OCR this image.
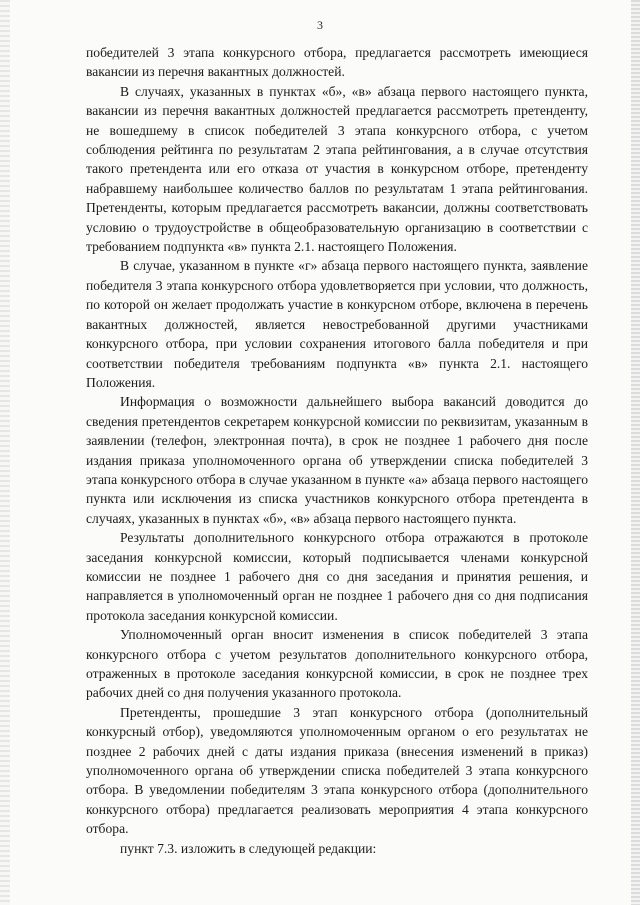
3

победителей 3 этапа конкурсного отбора, предлагается рассмотреть имеющиеся вакансии из перечня вакантных должностей.

В случаях, указанных в пунктах «б», «в» абзаца первого настоящего пункта, вакансии из перечня вакантных должностей предлагается рассмотреть претенденту, не вошедшему в список победителей 3 этапа конкурсного отбора, с учетом соблюдения рейтинга по результатам 2 этапа рейтингования, а в случае отсутствия такого претендента или его отказа от участия в конкурсном отборе, претенденту набравшему наибольшее количество баллов по результатам 1 этапа рейтингования. Претенденты, которым предлагается рассмотреть вакансии, должны соответствовать условию о трудоустройстве в общеобразовательную организацию в соответствии с требованием подпункта «в» пункта 2.1. настоящего Положения.

В случае, указанном в пункте «г» абзаца первого настоящего пункта, заявление победителя 3 этапа конкурсного отбора удовлетворяется при условии, что должность, по которой он желает продолжать участие в конкурсном отборе, включена в перечень вакантных должностей, является невостребованной другими участниками конкурсного отбора, при условии сохранения итогового балла победителя и при соответствии победителя требованиям подпункта «в» пункта 2.1. настоящего Положения.

Информация о возможности дальнейшего выбора вакансий доводится до сведения претендентов секретарем конкурсной комиссии по реквизитам, указанным в заявлении (телефон, электронная почта), в срок не позднее 1 рабочего дня после издания приказа уполномоченного органа об утверждении списка победителей 3 этапа конкурсного отбора в случае указанном в пункте «а» абзаца первого настоящего пункта или исключения из списка участников конкурсного отбора претендента в случаях, указанных в пунктах «б», «в» абзаца первого настоящего пункта.

Результаты дополнительного конкурсного отбора отражаются в протоколе заседания конкурсной комиссии, который подписывается членами конкурсной комиссии не позднее 1 рабочего дня со дня заседания и принятия решения, и направляется в уполномоченный орган не позднее 1 рабочего дня со дня подписания протокола заседания конкурсной комиссии.

Уполномоченный орган вносит изменения в список победителей 3 этапа конкурсного отбора с учетом результатов дополнительного конкурсного отбора, отраженных в протоколе заседания конкурсной комиссии, в срок не позднее трех рабочих дней со дня получения указанного протокола.

Претенденты, прошедшие 3 этап конкурсного отбора (дополнительный конкурсный отбор), уведомляются уполномоченным органом о его результатах не позднее 2 рабочих дней с даты издания приказа (внесения изменений в приказ) уполномоченного органа об утверждении списка победителей 3 этапа конкурсного отбора. В уведомлении победителям 3 этапа конкурсного отбора (дополнительного конкурсного отбора) предлагается реализовать мероприятия 4 этапа конкурсного отбора.

пункт 7.3. изложить в следующей редакции:
